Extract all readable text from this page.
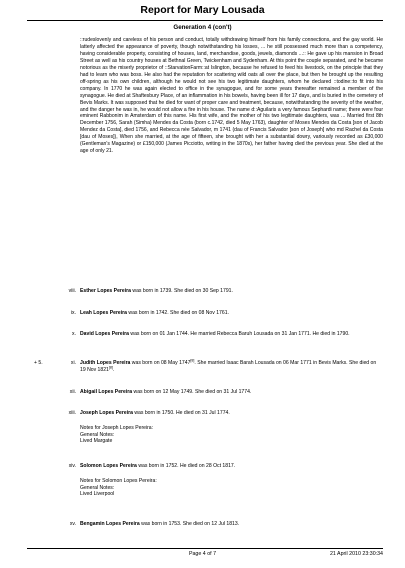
Report for Mary Lousada
Generation 4 (con't)
::rudeslovenly and careless of his person and conduct, totally withdrawing himself from his family connections, and the gay world. He latterly affected the appearance of poverty, though notwithstanding his losses, ... he still possessed much more than a competency, having considerable property, consisting of houses, land, merchandise, goods, jewels, diamonds ...:: He gave up his mansion in Broad Street as well as his country houses at Bethnal Green, Twickenham and Sydenham. At this point the couple separated, and he became notorious as the miserly proprietor of ::StarvationFarm::at Islington, because he refused to feed his livestock, on the principle that they had to learn who was boss. He also had the reputation for scattering wild oats all over the place, but then he brought up the resulting off-spring as his own children, although he would not see his two legitimate daughters, whom he declared ::todine::to fit into his company. In 1770 he was again elected to office in the synagogue, and for some years thereafter remained a member of the synagogue. He died at Shaftesbury Place, of an inflammation in his bowels, having been ill for 17 days, and is buried in the cemetery of Bevis Marks. It was supposed that he died for want of proper care and treatment, because, notwithstanding the severity of the weather, and the danger he was in, he would not allow a fire in his house. The name d::Aguilaris a very famous Sephardi name; there were four eminent Rabbonim in Amsterdam of this name. His first wife, and the mother of his two legitimate daughters, was ... Married first 8th December 1756, Sarah (Simha) Mendes da Costa (born c.1742, died 5 May 1763), daughter of Moses Mendes da Costa [son of Jacob Mendez da Costa], died 1756, and Rebecca née Salvador, m 1741 (dau of Francis Salvador [son of Joseph] who md Rachel da Costa [dau of Moses]), When she married, at the age of fifteen, she brought with her a substantial dowry, variously recorded as £30,000 (Gentleman's Magazine) or £150,000 (James Picciotto, writing in the 1870s), her father having died the previous year. She died at the age of only 21.
viii. Esther Lopes Pereira was born in 1739. She died on 30 Sep 1791.
ix. Leah Lopes Pereira was born in 1742. She died on 08 Nov 1761.
x. David Lopes Pereira was born on 01 Jan 1744. He married Rebecca Baruh Lousada on 31 Jan 1771. He died in 1790.
+ 5.	xi. Judith Lopes Pereira was born on 08 May 1747[8]. She married Isaac Barah Lousada on 06 Mar 1771 in Bevis Marks. She died on 19 Nov 1821[8].
xii. Abigail Lopes Pereira was born on 12 May 1749. She died on 31 Jul 1774.
xiii. Joseph Lopes Pereira was born in 1750. He died on 31 Jul 1774.
Notes for Joseph Lopes Pereira:
General Notes:
Lived Margate
xiv. Solomon Lopes Pereira was born in 1752. He died on 28 Oct 1817.
Notes for Solomon Lopes Pereira:
General Notes:
Lived Liverpool
xv. Bengamin Lopes Pereira was born in 1753. She died on 12 Jul 1813.
Page 4 of 7	21 April 2010 23:30:34
